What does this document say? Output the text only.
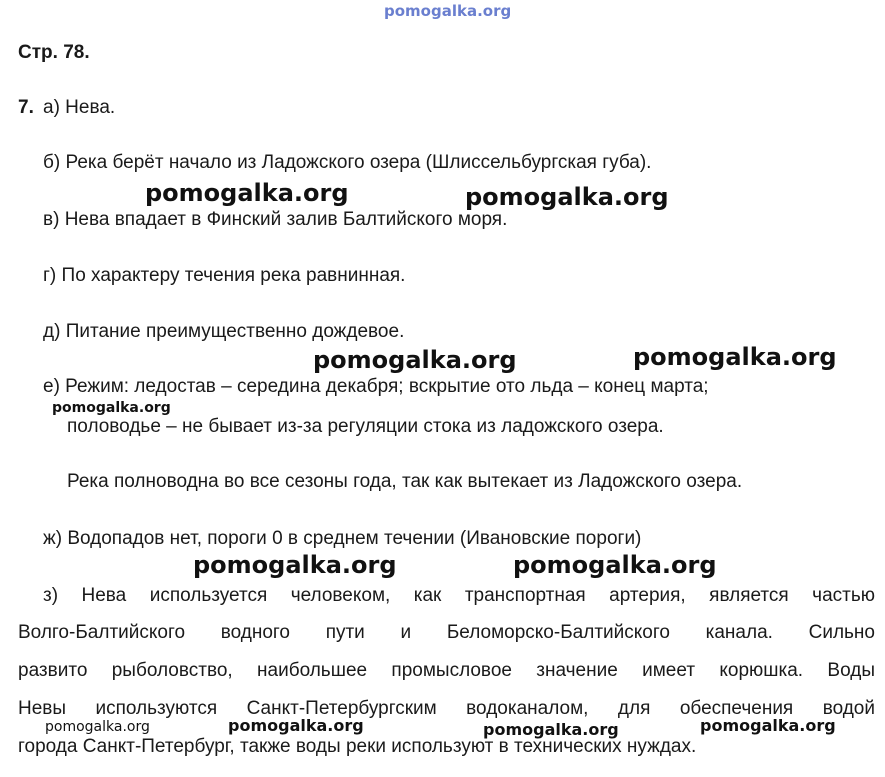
pomogalka.org
Стр. 78.
7. а) Нева.
б) Река берёт начало из Ладожского озера (Шлиссельбургская губа).
в) Нева впадает в Финский залив Балтийского моря.
г) По характеру течения река равнинная.
д) Питание преимущественно дождевое.
е) Режим: ледостав – середина декабря; вскрытие ото льда – конец марта;
половодье – не бывает из-за регуляции стока из ладожского озера.
Река полноводна во все сезоны года, так как вытекает из Ладожского озера.
ж) Водопадов нет, пороги 0 в среднем течении (Ивановские пороги)
з) Нева используется человеком, как транспортная артерия, является частью
Волго-Балтийского водного пути и Беломорско-Балтийского канала. Сильно
развито рыболовство, наибольшее промысловое значение имеет корюшка. Воды
Невы используются Санкт-Петербургским водоканалом, для обеспечения водой
города Санкт-Петербург, также воды реки используют в технических нуждах.
pomogalka.org	pomogalka.org
pomogalka.org	pomogalka.org
pomogalka.org
pomogalka.org	pomogalka.org
pomogalka.org	pomogalka.org	pomogalka.org	pomogalka.org
